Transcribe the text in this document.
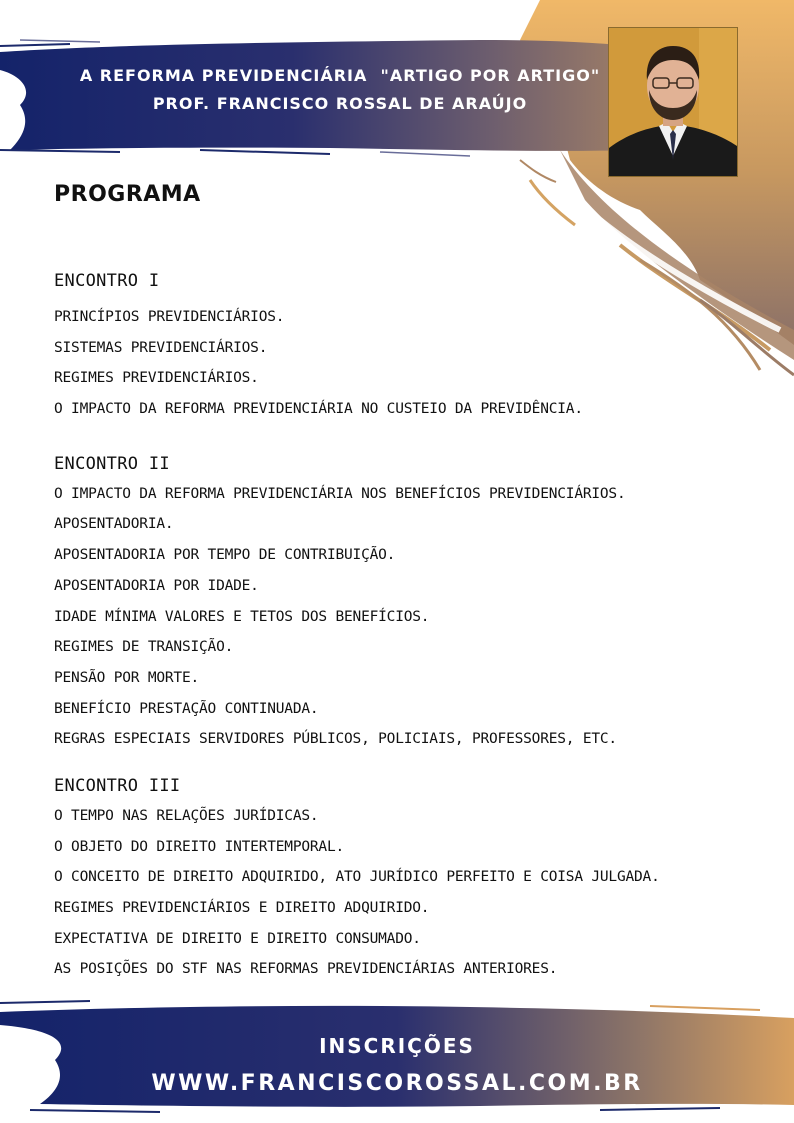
A REFORMA PREVIDENCIÁRIA  "ARTIGO POR ARTIGO"
PROF. FRANCISCO ROSSAL DE ARAÚJO
PROGRAMA
ENCONTRO I
PRINCÍPIOS PREVIDENCIÁRIOS.
SISTEMAS PREVIDENCIÁRIOS.
REGIMES PREVIDENCIÁRIOS.
O IMPACTO DA REFORMA PREVIDENCIÁRIA NO CUSTEIO DA PREVIDÊNCIA.
ENCONTRO II
O IMPACTO DA REFORMA PREVIDENCIÁRIA NOS BENEFÍCIOS PREVIDENCIÁRIOS.
APOSENTADORIA.
APOSENTADORIA POR TEMPO DE CONTRIBUIÇÃO.
APOSENTADORIA POR IDADE.
IDADE MÍNIMA VALORES E TETOS DOS BENEFÍCIOS.
REGIMES DE TRANSIÇÃO.
PENSÃO POR MORTE.
BENEFÍCIO PRESTAÇÃO CONTINUADA.
REGRAS ESPECIAIS SERVIDORES PÚBLICOS, POLICIAIS, PROFESSORES, ETC.
ENCONTRO III
O TEMPO NAS RELAÇÕES JURÍDICAS.
O OBJETO DO DIREITO INTERTEMPORAL.
O CONCEITO DE DIREITO ADQUIRIDO, ATO JURÍDICO PERFEITO E COISA JULGADA.
REGIMES PREVIDENCIÁRIOS E DIREITO ADQUIRIDO.
EXPECTATIVA DE DIREITO E DIREITO CONSUMADO.
AS POSIÇÕES DO STF NAS REFORMAS PREVIDENCIÁRIAS ANTERIORES.
INSCRIÇÕES
WWW.FRANCISCOROSSAL.COM.BR
